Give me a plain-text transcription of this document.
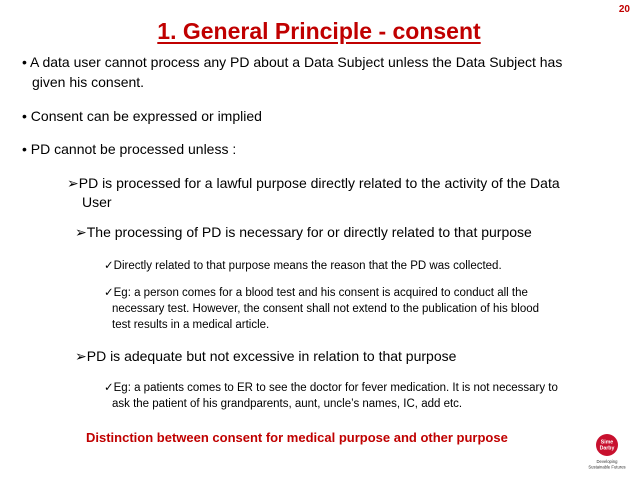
20
1. General Principle - consent
• A data user cannot process any PD about a Data Subject unless the Data Subject has
given his consent.
• Consent can be expressed or implied
• PD cannot be processed unless :
➢PD is processed for a lawful purpose directly related to the activity of the Data
User
➢The processing of PD is necessary for or directly related to that purpose
✓Directly related to that purpose means the reason that the PD was collected.
✓Eg: a person comes for a blood test and his consent is acquired to conduct all the
necessary test. However, the consent shall not extend to the publication of his blood
test results in a medical article.
➢PD is adequate but not excessive in relation to that purpose
✓Eg: a patients comes to ER to see the doctor for fever medication. It is not necessary to
ask the patient of his grandparents, aunt, uncle’s names, IC, add etc.
Distinction between consent for medical purpose and other purpose	Sime
Darby
Developing
Sustainable Futures
